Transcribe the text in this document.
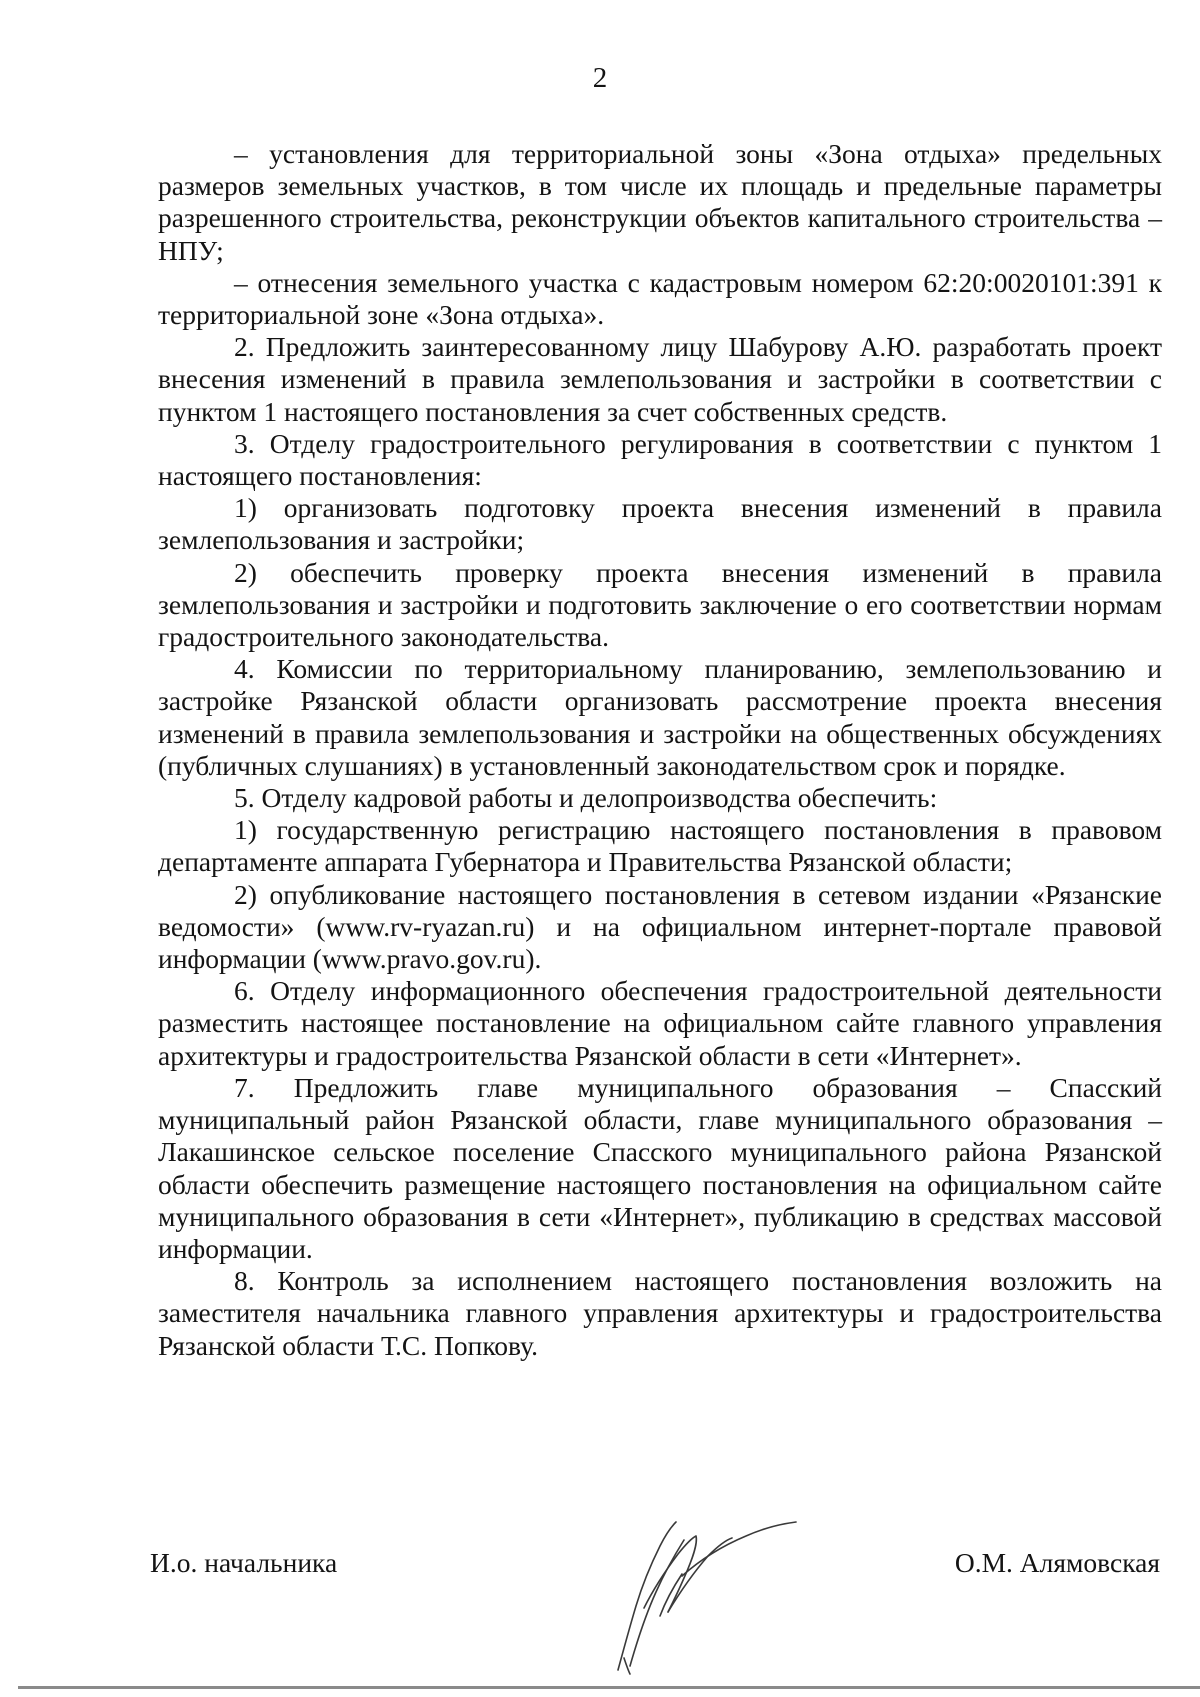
2

– установления для территориальной зоны «Зона отдыха» предельных размеров земельных участков, в том числе их площадь и предельные параметры разрешенного строительства, реконструкции объектов капитального строительства – НПУ;

– отнесения земельного участка с кадастровым номером 62:20:0020101:391 к территориальной зоне «Зона отдыха».

2. Предложить заинтересованному лицу Шабурову А.Ю. разработать проект внесения изменений в правила землепользования и застройки в соответствии с пунктом 1 настоящего постановления за счет собственных средств.

3. Отделу градостроительного регулирования в соответствии с пунктом 1 настоящего постановления:

1) организовать подготовку проекта внесения изменений в правила землепользования и застройки;

2) обеспечить проверку проекта внесения изменений в правила землепользования и застройки и подготовить заключение о его соответствии нормам градостроительного законодательства.

4. Комиссии по территориальному планированию, землепользованию и застройке Рязанской области организовать рассмотрение проекта внесения изменений в правила землепользования и застройки на общественных обсуждениях (публичных слушаниях) в установленный законодательством срок и порядке.

5. Отделу кадровой работы и делопроизводства обеспечить:

1) государственную регистрацию настоящего постановления в правовом департаменте аппарата Губернатора и Правительства Рязанской области;

2) опубликование настоящего постановления в сетевом издании «Рязанские ведомости» (www.rv-ryazan.ru) и на официальном интернет-портале правовой информации (www.pravo.gov.ru).

6. Отделу информационного обеспечения градостроительной деятельности разместить настоящее постановление на официальном сайте главного управления архитектуры и градостроительства Рязанской области в сети «Интернет».

7. Предложить главе муниципального образования – Спасский муниципальный район Рязанской области, главе муниципального образования – Лакашинское сельское поселение Спасского муниципального района Рязанской области обеспечить размещение настоящего постановления на официальном сайте муниципального образования в сети «Интернет», публикацию в средствах массовой информации.

8. Контроль за исполнением настоящего постановления возложить на заместителя начальника главного управления архитектуры и градостроительства Рязанской области Т.С. Попкову.

И.о. начальника	О.М. Алямовская
